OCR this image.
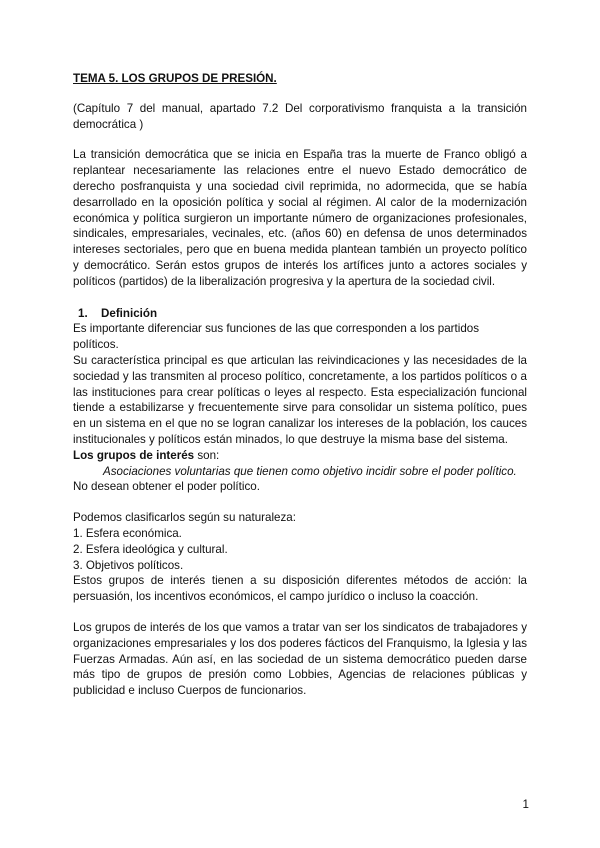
TEMA 5. LOS GRUPOS DE PRESIÓN.

(Capítulo 7 del manual, apartado 7.2 Del corporativismo franquista a la transición democrática )

La transición democrática que se inicia en España tras la muerte de Franco obligó a replantear necesariamente las relaciones entre el nuevo Estado democrático de derecho posfranquista y una sociedad civil reprimida, no adormecida, que se había desarrollado en la oposición política y social al régimen. Al calor de la modernización económica y política surgieron un importante número de organizaciones profesionales, sindicales, empresariales, vecinales, etc. (años 60) en defensa de unos determinados intereses sectoriales, pero que en buena medida plantean también un proyecto político y democrático. Serán estos grupos de interés los artífices junto a actores sociales y políticos (partidos) de la liberalización progresiva y la apertura de la sociedad civil.

1. Definición

Es importante diferenciar sus funciones de las que corresponden a los partidos políticos.

Su característica principal es que articulan las reivindicaciones y las necesidades de la sociedad y las transmiten al proceso político, concretamente, a los partidos políticos o a las instituciones para crear políticas o leyes al respecto. Esta especialización funcional tiende a estabilizarse y frecuentemente sirve para consolidar un sistema político, pues en un sistema en el que no se logran canalizar los intereses de la población, los cauces institucionales y políticos están minados, lo que destruye la misma base del sistema.

Los grupos de interés son:

Asociaciones voluntarias que tienen como objetivo incidir sobre el poder político.

No desean obtener el poder político.

Podemos clasificarlos según su naturaleza:

1. Esfera económica.

2. Esfera ideológica y cultural.

3. Objetivos políticos.

Estos grupos de interés tienen a su disposición diferentes métodos de acción: la persuasión, los incentivos económicos, el campo jurídico o incluso la coacción.

Los grupos de interés de los que vamos a tratar van ser los sindicatos de trabajadores y organizaciones empresariales y los dos poderes fácticos del Franquismo, la Iglesia y las Fuerzas Armadas. Aún así, en las sociedad de un sistema democrático pueden darse más tipo de grupos de presión como Lobbies, Agencias de relaciones públicas y publicidad e incluso Cuerpos de funcionarios.

1
